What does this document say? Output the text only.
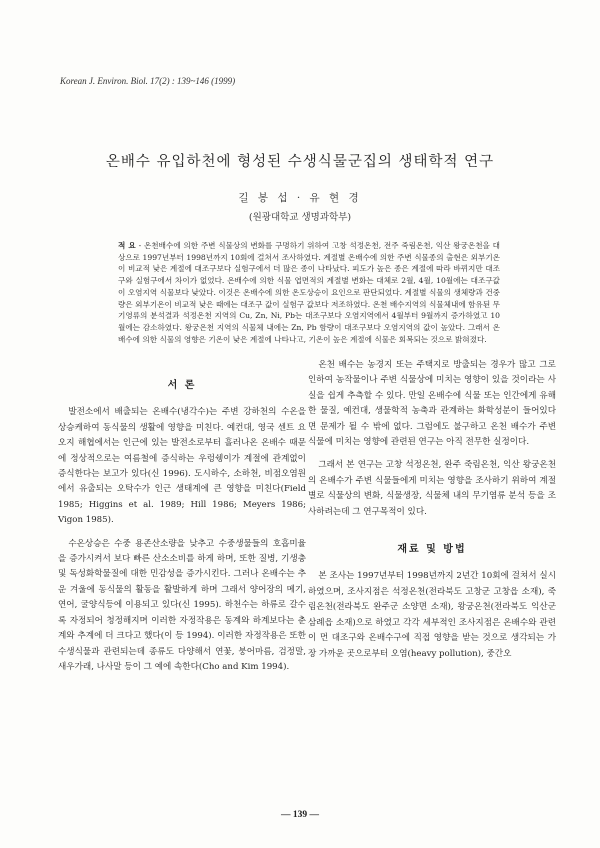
Korean J. Environ. Biol. 17(2) : 139~146 (1999)
온배수 유입하천에 형성된 수생식물군집의 생태학적 연구
길 봉 섭 · 유 현 경
(원광대학교 생명과학부)
적 요 - 온천배수에 의한 주변 식물상의 변화를 구명하기 위하여 고창 석정온천, 전주 죽림온천, 익산 왕궁온천을 대상으로 1997년부터 1998년까지 10회에 걸쳐서 조사하였다. 계절별 온배수에 의한 주변 식물종의 출현은 외부기온이 비교적 낮은 계절에 대조구보다 실험구에서 더 많은 종이 나타났다. 피도가 높은 종은 계절에 따라 바뀌지만 대조구와 실험구에서 차이가 없었다. 온배수에 의한 식물 엽면적의 계절별 변화는 대체로 2월, 4월, 10월에는 대조구값이 오염지역 식물보다 낮았다. 이것은 온배수에 의한 온도상승이 요인으로 판단되었다. 계절별 식물의 생체량과 건중량은 외부기온이 비교적 낮은 때에는 대조구 값이 실험구 값보다 저조하였다. 온천 배수지역의 식물체내에 함유된 무기영류의 분석결과 석정온천 지역의 Cu, Zn, Ni, Pb는 대조구보다 오염지역에서 4월부터 9월까지 증가하였고 10월에는 감소하였다. 왕궁온천 지역의 식물체 내에는 Zn, Pb 함량이 대조구보다 오염지역의 값이 높았다. 그래서 온배수에 의한 식물의 영향은 기온이 낮은 계절에 나타나고, 기온이 높은 계절에 식물은 회복되는 것으로 밝혀졌다.
서 론

발전소에서 배출되는 온배수(냉각수)는 주변 강하천의 수온을 상승케하여 동식물의 생활에 영향을 미친다. 예컨대, 영국 센트 요오지 해협에서는 인근에 있는 발전소로부터 흘러나온 온배수 때문에 정상적으로는 여름철에 증식하는 우렁쉥이가 계절에 관계없이 증식한다는 보고가 있다(신 1996). 도시하수, 소하천, 비점오염원에서 유출되는 오탁수가 인근 생태계에 큰 영향을 미친다(Field 1985; Higgins et al. 1989; Hill 1986; Meyers 1986; Vigon 1985).

수온상승은 수중 용존산소량을 낮추고 수중생물들의 호흡미율을 증가시켜서 보다 빠른 산소소비를 하게 하며, 또한 질병, 기생충 및 독성화학물질에 대한 민감성을 증가시킨다. 그러나 온배수는 추운 겨울에 동식물의 활동을 활발하게 하며 그래서 양어장의 메기, 연어, 굴양식등에 이용되고 있다(신 1995). 하천수는 하류로 갈수록 자정되어 청정해지며 이러한 자정작용은 동계와 하계보다는 춘계와 추계에 더 크다고 했다(이 등 1994). 이러한 자정작용은 또한 수생식물과 관련되는데 종류도 다양해서 연꽃, 붕어마름, 검정말, 새우가래, 나사말 등이 그 예에 속한다(Cho and Kim 1994).

온천 배수는 농경지 또는 주택지로 방출되는 경우가 많고 그로 인하여 농작물이나 주변 식물상에 미치는 영향이 있을 것이라는 사실을 쉽게 추측할 수 있다. 만일 온배수에 식물 또는 인간에게 유해한 물질, 예컨대, 생물학적 농축과 관계하는 화학성분이 들어있다면 문제가 될 수 밖에 없다. 그럼에도 불구하고 온천 배수가 주변 식물에 미치는 영향에 관련된 연구는 아직 전무한 실정이다.

그래서 본 연구는 고창 석정온천, 완주 죽림온천, 익산 왕궁온천의 온배수가 주변 식물들에게 미치는 영향을 조사하기 위하여 계절별로 식물상의 변화, 식물생장, 식물체 내의 무기염류 분석 등을 조사하려는데 그 연구목적이 있다.

재료 및 방법

본 조사는 1997년부터 1998년까지 2년간 10회에 걸쳐서 실시하였으며, 조사지점은 석정온천(전라북도 고창군 고창읍 소재), 죽림온천(전라북도 완주군 소양면 소재), 왕궁온천(전라북도 익산군 삼례읍 소재)으로 하였고 각각 세부적인 조사지점은 온배수와 관련이 먼 대조구와 온배수구에 직접 영향을 받는 것으로 생각되는 가장 가까운 곳으로부터 오염(heavy pollution), 중간오

— 139 —
